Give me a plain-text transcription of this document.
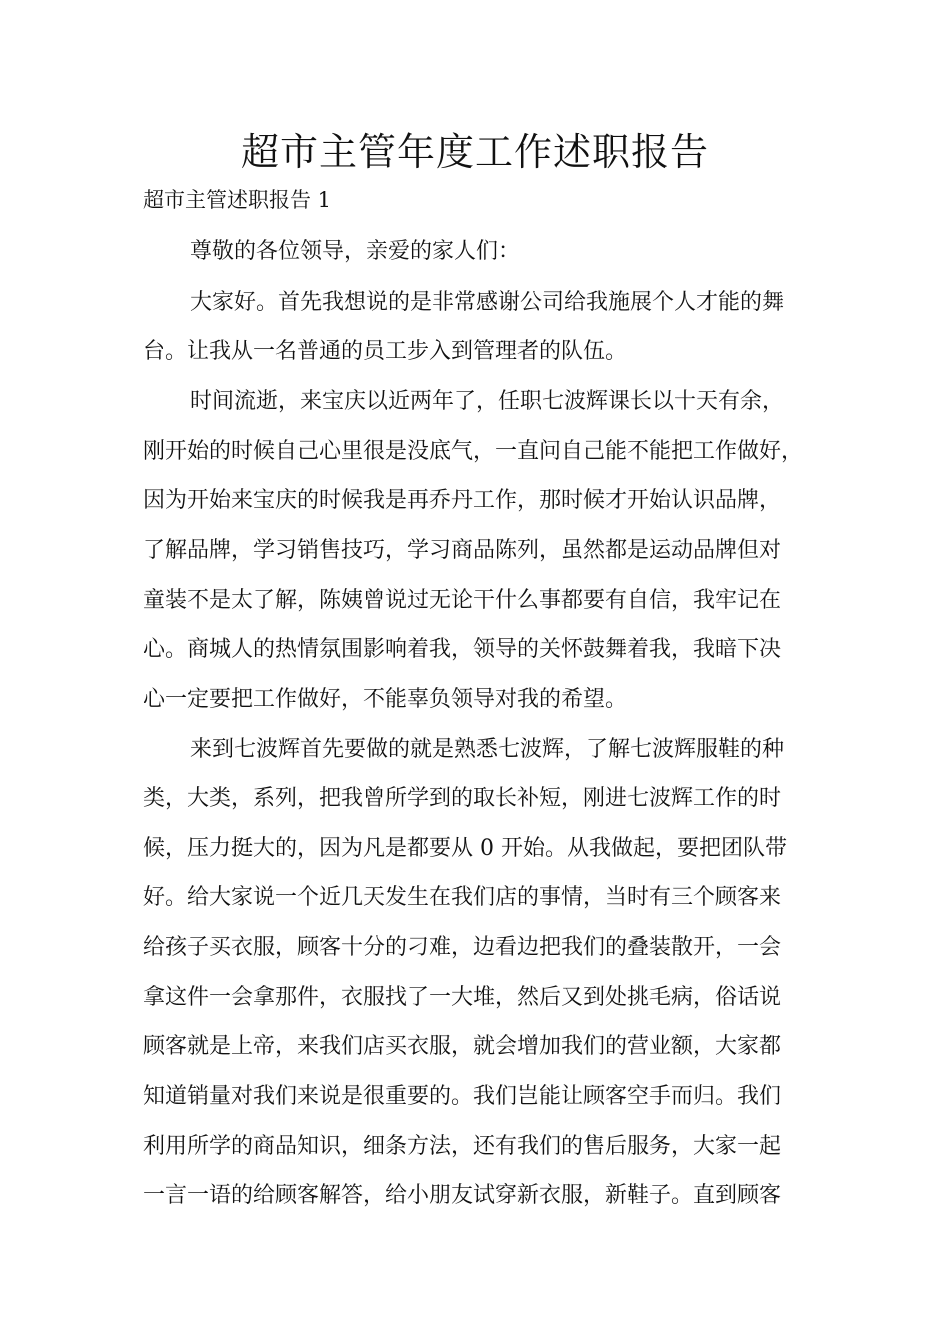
超市主管年度工作述职报告

超市主管述职报告 1

尊敬的各位领导，亲爱的家人们：

大家好。首先我想说的是非常感谢公司给我施展个人才能的舞

台。让我从一名普通的员工步入到管理者的队伍。

时间流逝，来宝庆以近两年了，任职七波辉课长以十天有余，

刚开始的时候自己心里很是没底气，一直问自己能不能把工作做好，

因为开始来宝庆的时候我是再乔丹工作，那时候才开始认识品牌，

了解品牌，学习销售技巧，学习商品陈列，虽然都是运动品牌但对

童装不是太了解，陈姨曾说过无论干什么事都要有自信，我牢记在

心。商城人的热情氛围影响着我，领导的关怀鼓舞着我，我暗下决

心一定要把工作做好，不能辜负领导对我的希望。

来到七波辉首先要做的就是熟悉七波辉，了解七波辉服鞋的种

类，大类，系列，把我曾所学到的取长补短，刚进七波辉工作的时

候，压力挺大的，因为凡是都要从 0 开始。从我做起，要把团队带

好。给大家说一个近几天发生在我们店的事情，当时有三个顾客来

给孩子买衣服，顾客十分的刁难，边看边把我们的叠装散开，一会

拿这件一会拿那件，衣服找了一大堆，然后又到处挑毛病，俗话说

顾客就是上帝，来我们店买衣服，就会增加我们的营业额，大家都

知道销量对我们来说是很重要的。我们岂能让顾客空手而归。我们

利用所学的商品知识，细条方法，还有我们的售后服务，大家一起

一言一语的给顾客解答，给小朋友试穿新衣服，新鞋子。直到顾客
